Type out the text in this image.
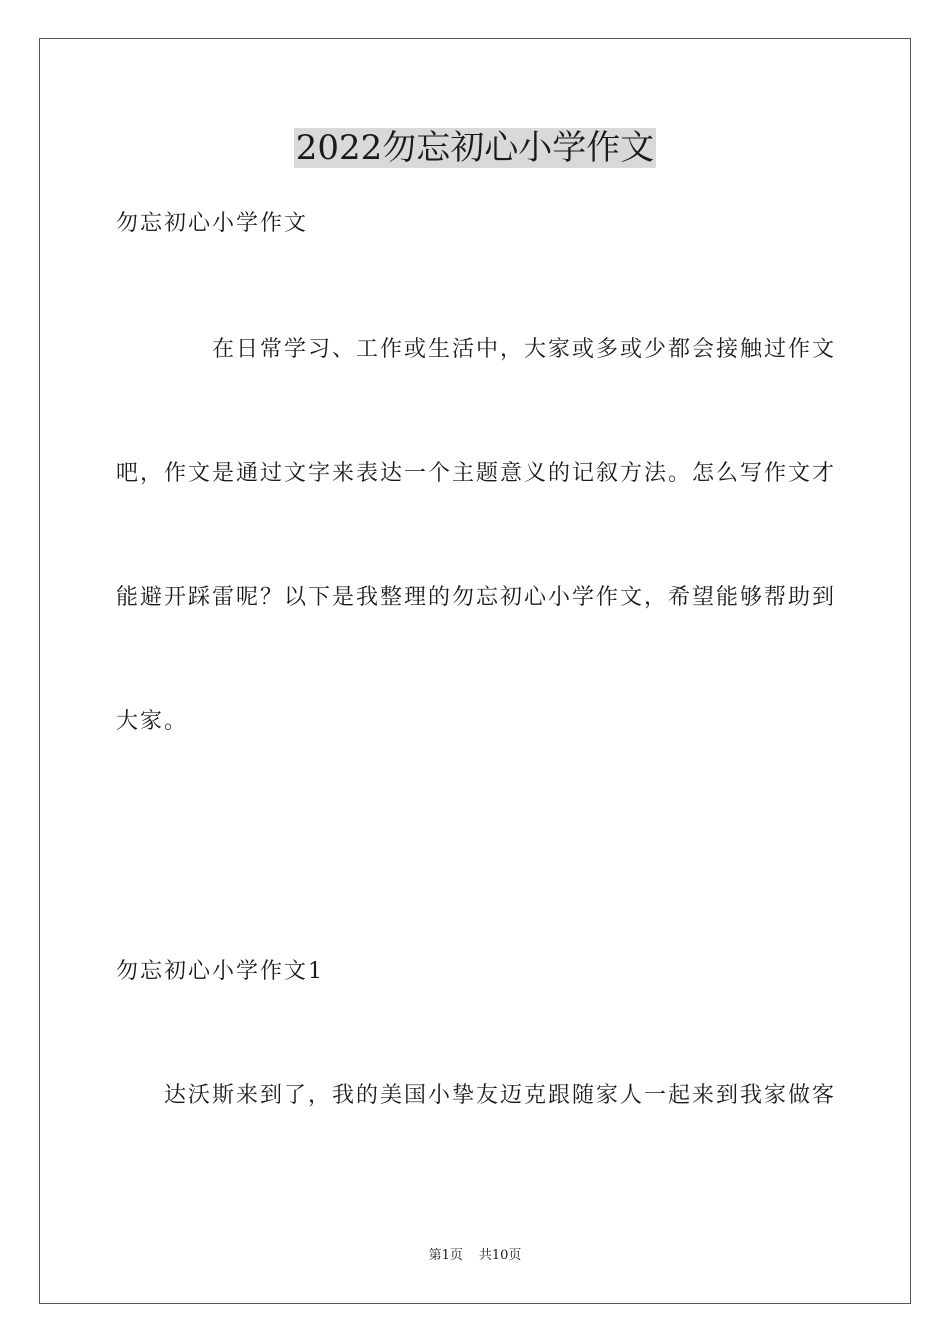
2022勿忘初心小学作文
勿忘初心小学作文
在日常学习、工作或生活中，大家或多或少都会接触过作文
吧，作文是通过文字来表达一个主题意义的记叙方法。怎么写作文才
能避开踩雷呢？以下是我整理的勿忘初心小学作文，希望能够帮助到
大家。
勿忘初心小学作文1
达沃斯来到了，我的美国小挚友迈克跟随家人一起来到我家做客
第1页 共10页
